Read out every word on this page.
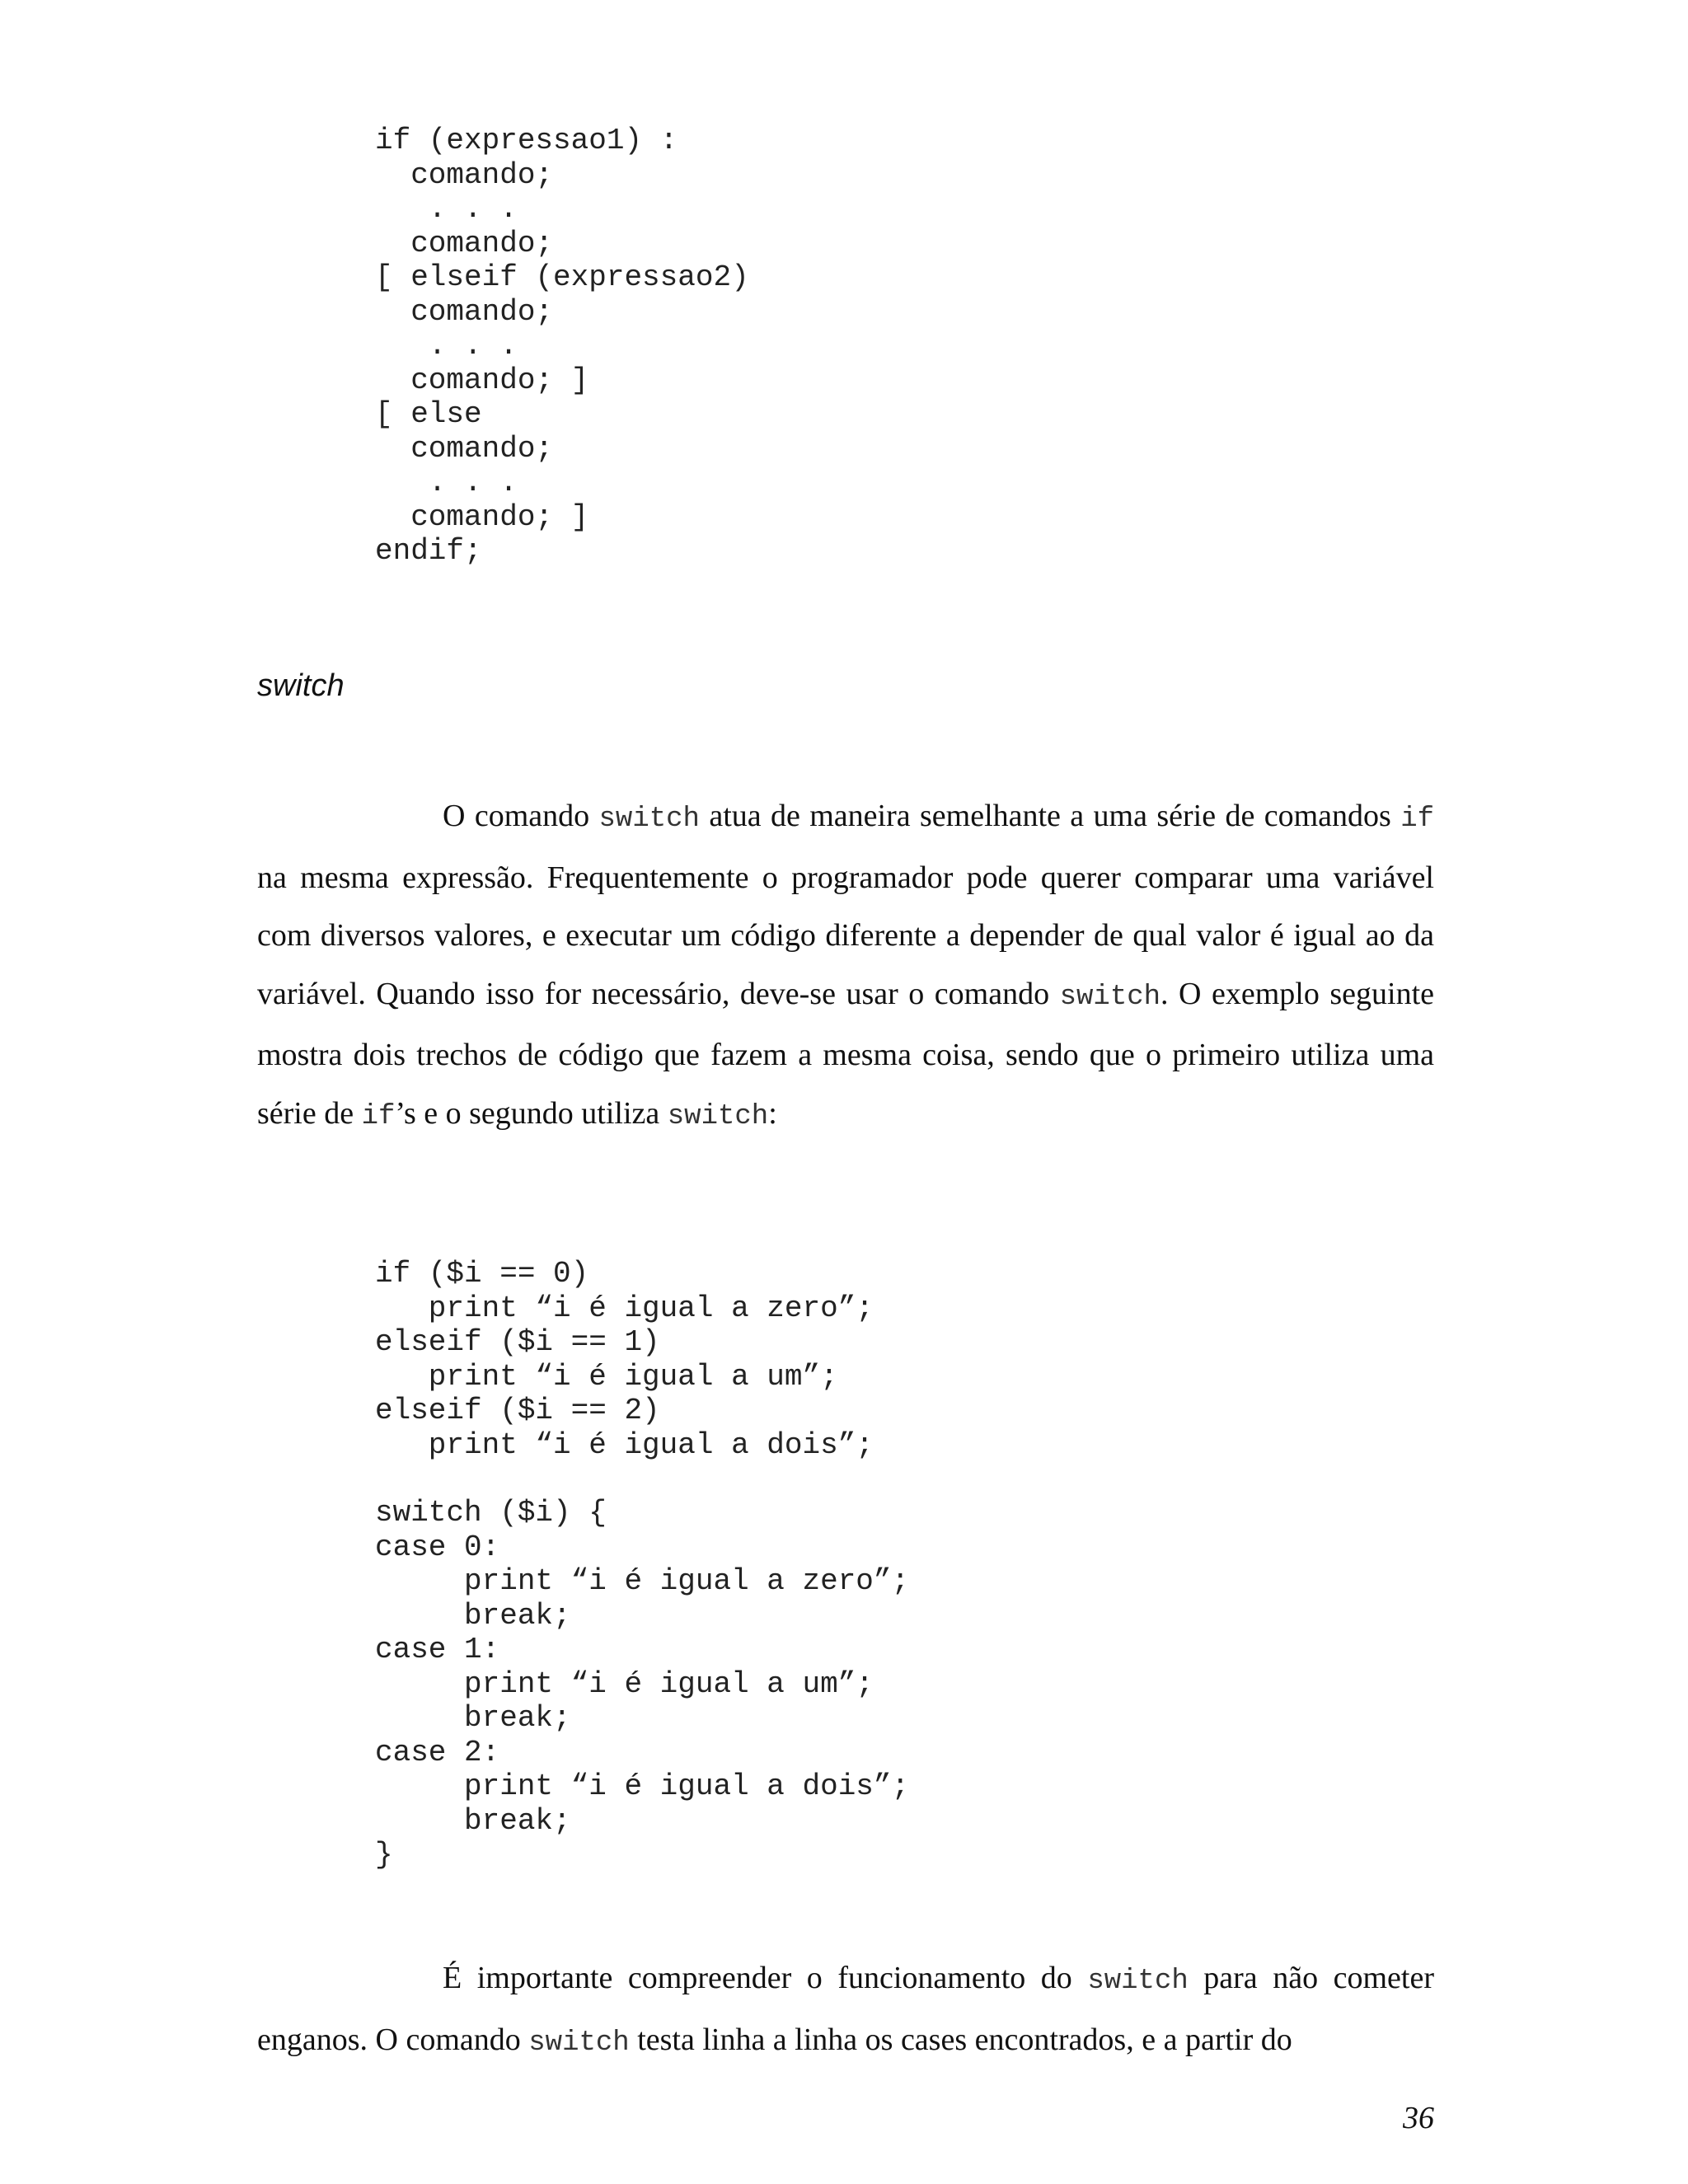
if (expressao1) :
comando;
. . .
comando;
[ elseif (expressao2)
comando;
. . .
comando; ]
[ else
comando;
. . .
comando; ]
endif;
switch

O comando switch atua de maneira semelhante a uma série de comandos if na mesma expressão. Frequentemente o programador pode querer comparar uma variável com diversos valores, e executar um código diferente a depender de qual valor é igual ao da variável. Quando isso for necessário, deve-se usar o comando switch. O exemplo seguinte mostra dois trechos de código que fazem a mesma coisa, sendo que o primeiro utiliza uma série de if’s e o segundo utiliza switch:

if ($i == 0)
print “i é igual a zero”;
elseif ($i == 1)
print “i é igual a um”;
elseif ($i == 2)
print “i é igual a dois”;
switch ($i) {
case 0:
print “i é igual a zero”;
break;
case 1:
print “i é igual a um”;
break;
case 2:
print “i é igual a dois”;
break;
}

É importante compreender o funcionamento do switch para não cometer enganos. O comando switch testa linha a linha os cases encontrados, e a partir do

36
